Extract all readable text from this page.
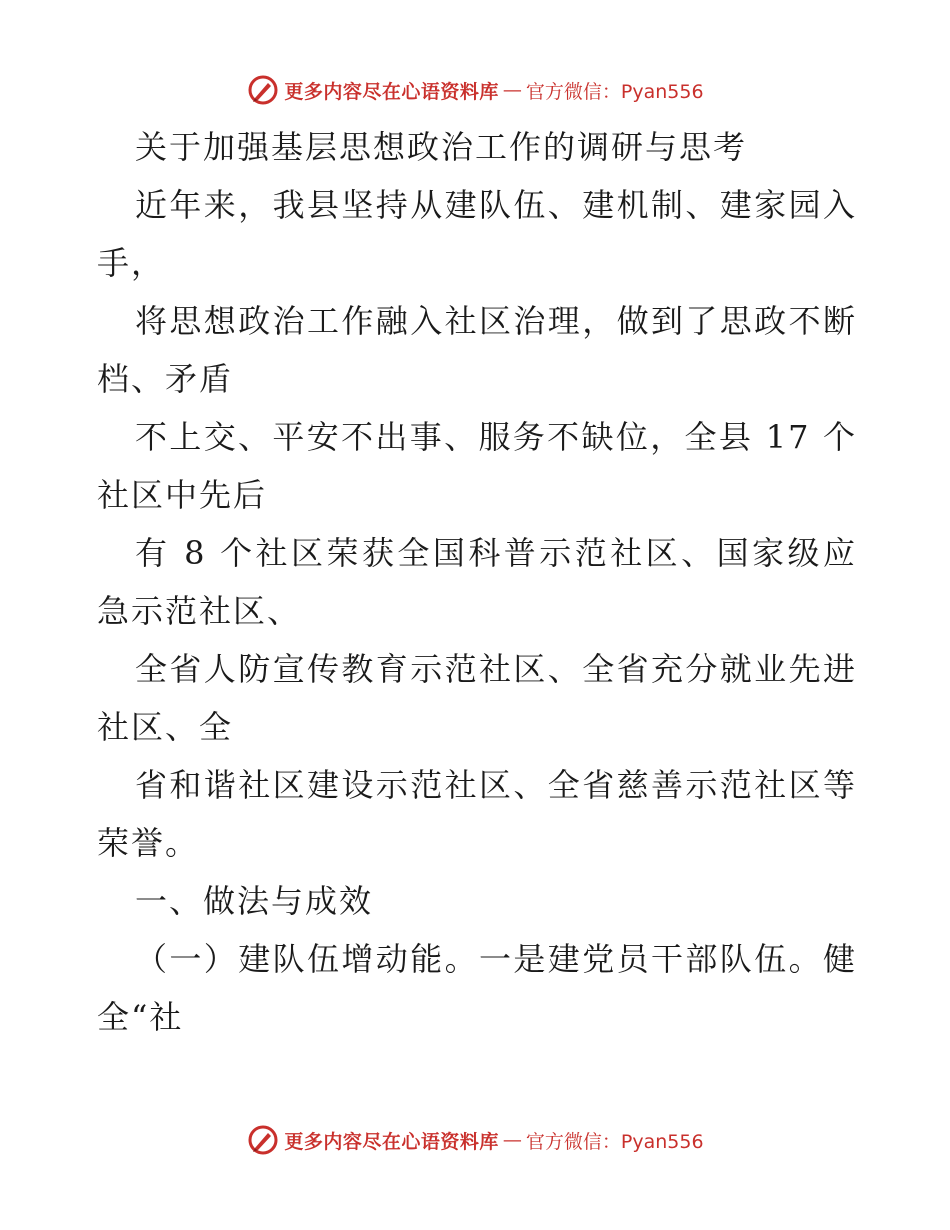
更多内容尽在心语资料库 — 官方微信：Pyan556

关于加强基层思想政治工作的调研与思考

近年来，我县坚持从建队伍、建机制、建家园入手，

将思想政治工作融入社区治理，做到了思政不断档、矛盾

不上交、平安不出事、服务不缺位，全县 17 个社区中先后

有 8 个社区荣获全国科普示范社区、国家级应急示范社区、

全省人防宣传教育示范社区、全省充分就业先进社区、全

省和谐社区建设示范社区、全省慈善示范社区等荣誉。

一、做法与成效

（一）建队伍增动能。一是建党员干部队伍。健全“社

更多内容尽在心语资料库 — 官方微信：Pyan556
